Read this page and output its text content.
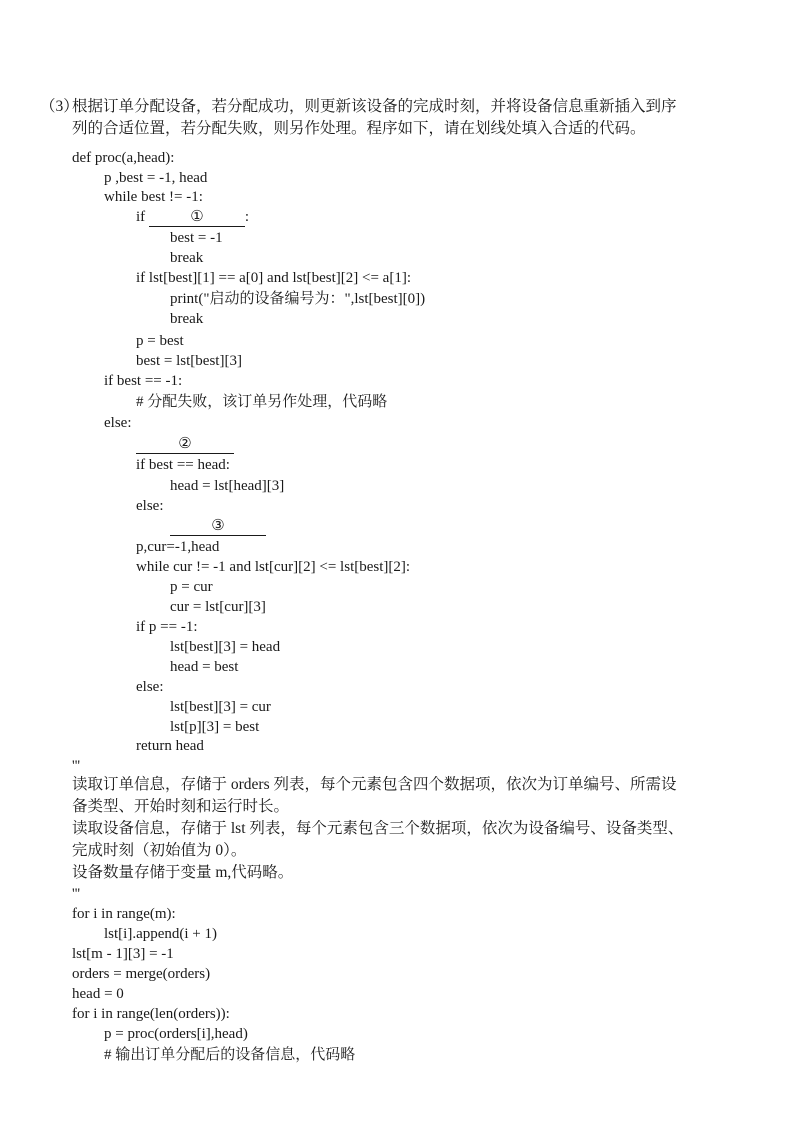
（3）根据订单分配设备，若分配成功，则更新该设备的完成时刻，并将设备信息重新插入到序
列的合适位置，若分配失败，则另作处理。程序如下，请在划线处填入合适的代码。
def proc(a,head):
p ,best = -1, head
while best != -1:
if	①	:
best = -1
break
if lst[best][1] == a[0] and lst[best][2] <= a[1]:
print("启动的设备编号为：",lst[best][0])
break
p = best
best = lst[best][3]
if best == -1:
# 分配失败，该订单另作处理，代码略
else:
②
if best == head:
head = lst[head][3]
else:
③
p,cur=-1,head
while cur != -1 and lst[cur][2] <= lst[best][2]:
p = cur
cur = lst[cur][3]
if p == -1:
lst[best][3] = head
head = best
else:
lst[best][3] = cur
lst[p][3] = best
return head
'''
读取订单信息，存储于 orders 列表，每个元素包含四个数据项，依次为订单编号、所需设
备类型、开始时刻和运行时长。
读取设备信息，存储于 lst 列表，每个元素包含三个数据项，依次为设备编号、设备类型、
完成时刻（初始值为 0）。
设备数量存储于变量 m,代码略。
'''
for i in range(m):
lst[i].append(i + 1)
lst[m - 1][3] = -1
orders = merge(orders)
head = 0
for i in range(len(orders)):
p = proc(orders[i],head)
# 输出订单分配后的设备信息，代码略
